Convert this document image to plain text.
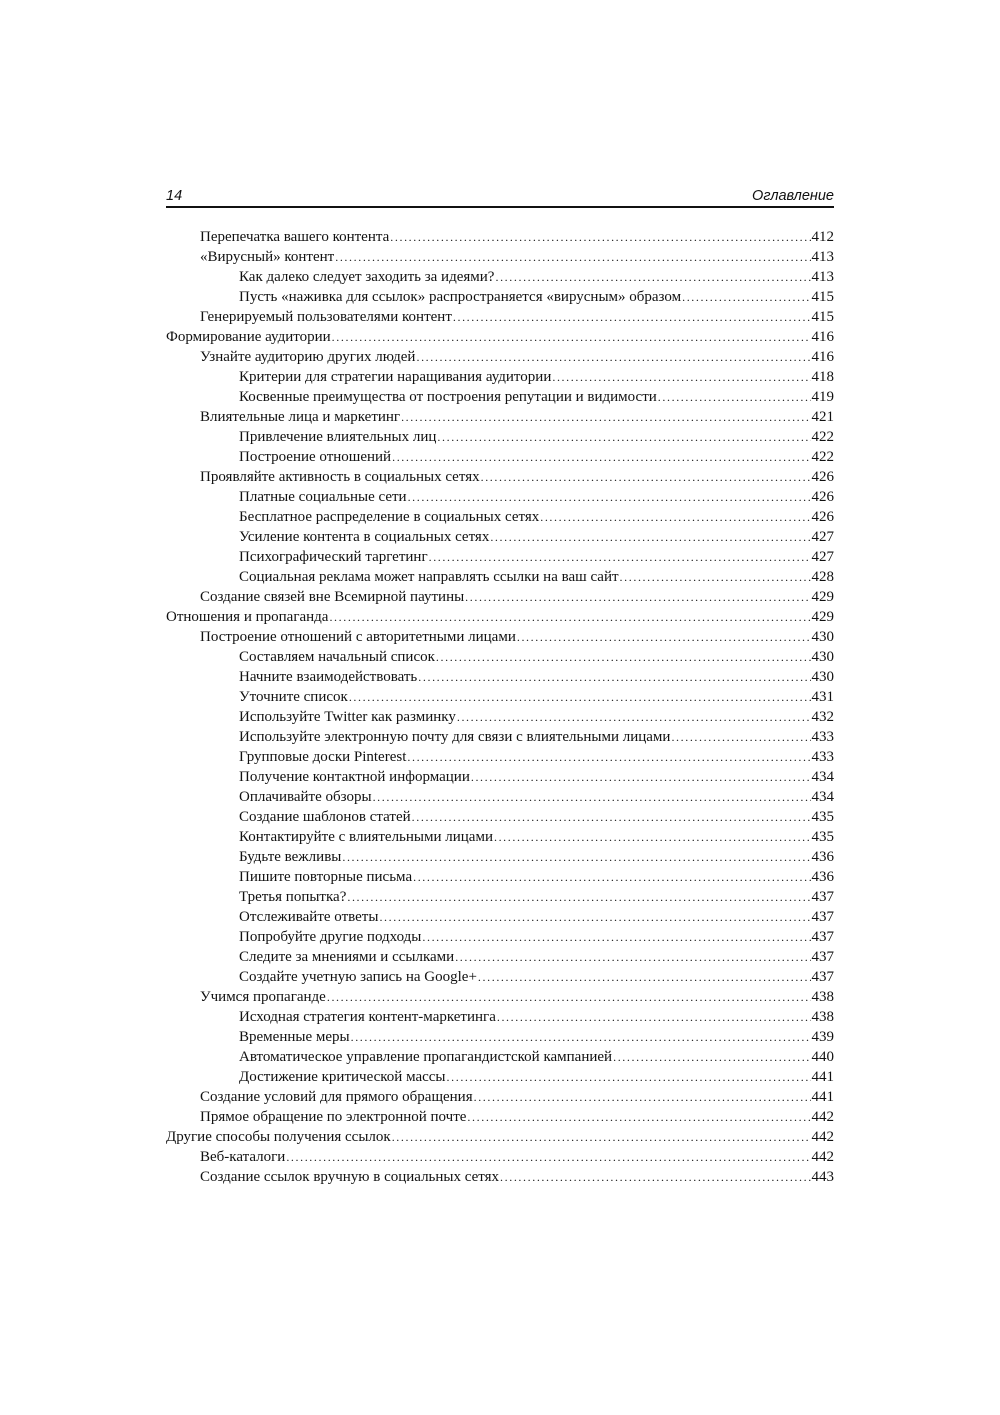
14	Оглавление
Перепечатка вашего контента .....	412
«Вирусный» контент .....	413
Как далеко следует заходить за идеями? .....	413
Пусть «наживка для ссылок» распространяется «вирусным» образом .....	415
Генерируемый пользователями контент .....	415
Формирование аудитории .....	416
Узнайте аудиторию других людей .....	416
Критерии для стратегии наращивания аудитории .....	418
Косвенные преимущества от построения репутации и видимости .....	419
Влиятельные лица и маркетинг .....	421
Привлечение влиятельных лиц .....	422
Построение отношений .....	422
Проявляйте активность в социальных сетях .....	426
Платные социальные сети .....	426
Бесплатное распределение в социальных сетях .....	426
Усиление контента в социальных сетях .....	427
Психографический таргетинг .....	427
Социальная реклама может направлять ссылки на ваш сайт .....	428
Создание связей вне Всемирной паутины .....	429
Отношения и пропаганда .....	429
Построение отношений с авторитетными лицами .....	430
Составляем начальный список .....	430
Начните взаимодействовать .....	430
Уточните список .....	431
Используйте Twitter как разминку .....	432
Используйте электронную почту для связи с влиятельными лицами .....	433
Групповые доски Pinterest .....	433
Получение контактной информации .....	434
Оплачивайте обзоры .....	434
Создание шаблонов статей .....	435
Контактируйте с влиятельными лицами .....	435
Будьте вежливы .....	436
Пишите повторные письма .....	436
Третья попытка? .....	437
Отслеживайте ответы .....	437
Попробуйте другие подходы .....	437
Следите за мнениями и ссылками .....	437
Создайте учетную запись на Google+ .....	437
Учимся пропаганде .....	438
Исходная стратегия контент-маркетинга .....	438
Временные меры .....	439
Автоматическое управление пропагандистской кампанией .....	440
Достижение критической массы .....	441
Создание условий для прямого обращения .....	441
Прямое обращение по электронной почте .....	442
Другие способы получения ссылок .....	442
Веб-каталоги .....	442
Создание ссылок вручную в социальных сетях .....	443
